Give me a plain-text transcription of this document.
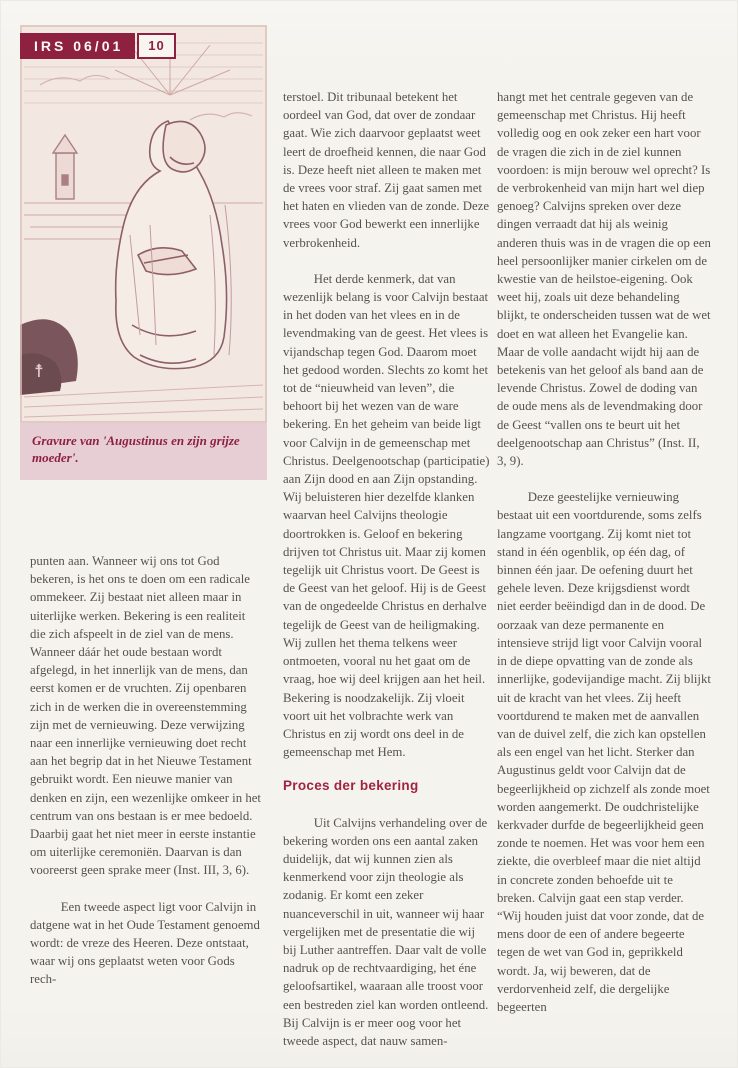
IRS 06/01	10
☨
Gravure van 'Augustinus en zijn grijze moeder'.

punten aan. Wanneer wij ons tot God bekeren, is het ons te doen om een radicale ommekeer. Zij bestaat niet alleen maar in uiterlijke werken. Bekering is een realiteit die zich afspeelt in de ziel van de mens. Wanneer dáár het oude bestaan wordt afgelegd, in het innerlijk van de mens, dan eerst komen er de vruchten. Zij openbaren zich in de werken die in overeenstemming zijn met de vernieuwing. Deze verwijzing naar een innerlijke vernieuwing doet recht aan het begrip dat in het Nieuwe Testament gebruikt wordt. Een nieuwe manier van denken en zijn, een wezenlijke omkeer in het centrum van ons bestaan is er mee bedoeld. Daarbij gaat het niet meer in eerste instantie om uiterlijke ceremoniën. Daarvan is dan vooreerst geen sprake meer (Inst. III, 3, 6).

Een tweede aspect ligt voor Calvijn in datgene wat in het Oude Testament genoemd wordt: de vreze des Heeren. Deze ontstaat, waar wij ons geplaatst weten voor Gods rech-

terstoel. Dit tribunaal betekent het oordeel van God, dat over de zondaar gaat. Wie zich daarvoor geplaatst weet leert de droefheid kennen, die naar God is. Deze heeft niet alleen te maken met de vrees voor straf. Zij gaat samen met het haten en vlieden van de zonde. Deze vrees voor God bewerkt een innerlijke verbrokenheid.

Het derde kenmerk, dat van wezenlijk belang is voor Calvijn bestaat in het doden van het vlees en in de levendmaking van de geest. Het vlees is vijandschap tegen God. Daarom moet het gedood worden. Slechts zo komt het tot de “nieuwheid van leven”, die behoort bij het wezen van de ware bekering. En het geheim van beide ligt voor Calvijn in de gemeenschap met Christus. Deelgenootschap (participatie) aan Zijn dood en aan Zijn opstanding. Wij beluisteren hier dezelfde klanken waarvan heel Calvijns theologie doortrokken is. Geloof en bekering drijven tot Christus uit. Maar zij komen tegelijk uit Christus voort. De Geest is de Geest van het geloof. Hij is de Geest van de ongedeelde Christus en derhalve tegelijk de Geest van de heiligmaking. Wij zullen het thema telkens weer ontmoeten, vooral nu het gaat om de vraag, hoe wij deel krijgen aan het heil. Bekering is noodzakelijk. Zij vloeit voort uit het volbrachte werk van Christus en zij wordt ons deel in de gemeenschap met Hem.

Proces der bekering

Uit Calvijns verhandeling over de bekering worden ons een aantal zaken duidelijk, dat wij kunnen zien als kenmerkend voor zijn theologie als zodanig. Er komt een zeker nuanceverschil in uit, wanneer wij haar vergelijken met de presentatie die wij bij Luther aantreffen. Daar valt de volle nadruk op de rechtvaardiging, het éne geloofsartikel, waaraan alle troost voor een bestreden ziel kan worden ontleend. Bij Calvijn is er meer oog voor het tweede aspect, dat nauw samen-

hangt met het centrale gegeven van de gemeenschap met Christus. Hij heeft volledig oog en ook zeker een hart voor de vragen die zich in de ziel kunnen voordoen: is mijn berouw wel oprecht? Is de verbrokenheid van mijn hart wel diep genoeg? Calvijns spreken over deze dingen verraadt dat hij als weinig anderen thuis was in de vragen die op een heel persoonlijker manier cirkelen om de kwestie van de heilstoe-eigening. Ook weet hij, zoals uit deze behandeling blijkt, te onderscheiden tussen wat de wet doet en wat alleen het Evangelie kan. Maar de volle aandacht wijdt hij aan de betekenis van het geloof als band aan de levende Christus. Zowel de doding van de oude mens als de levendmaking door de Geest “vallen ons te beurt uit het deelgenootschap aan Christus” (Inst. II, 3, 9).

Deze geestelijke vernieuwing bestaat uit een voortdurende, soms zelfs langzame voortgang. Zij komt niet tot stand in één ogenblik, op één dag, of binnen één jaar. De oefening duurt het gehele leven. Deze krijgsdienst wordt niet eerder beëindigd dan in de dood. De oorzaak van deze permanente en intensieve strijd ligt voor Calvijn vooral in de diepe opvatting van de zonde als innerlijke, godevijandige macht. Zij blijkt uit de kracht van het vlees. Zij heeft voortdurend te maken met de aanvallen van de duivel zelf, die zich kan opstellen als een engel van het licht. Sterker dan Augustinus geldt voor Calvijn dat de begeerlijkheid op zichzelf als zonde moet worden aangemerkt. De oudchristelijke kerkvader durfde de begeerlijkheid geen zonde te noemen. Het was voor hem een ziekte, die overbleef maar die niet altijd in concrete zonden behoefde uit te breken. Calvijn gaat een stap verder. “Wij houden juist dat voor zonde, dat de mens door de een of andere begeerte tegen de wet van God in, geprikkeld wordt. Ja, wij beweren, dat de verdorvenheid zelf, die dergelijke begeerten
